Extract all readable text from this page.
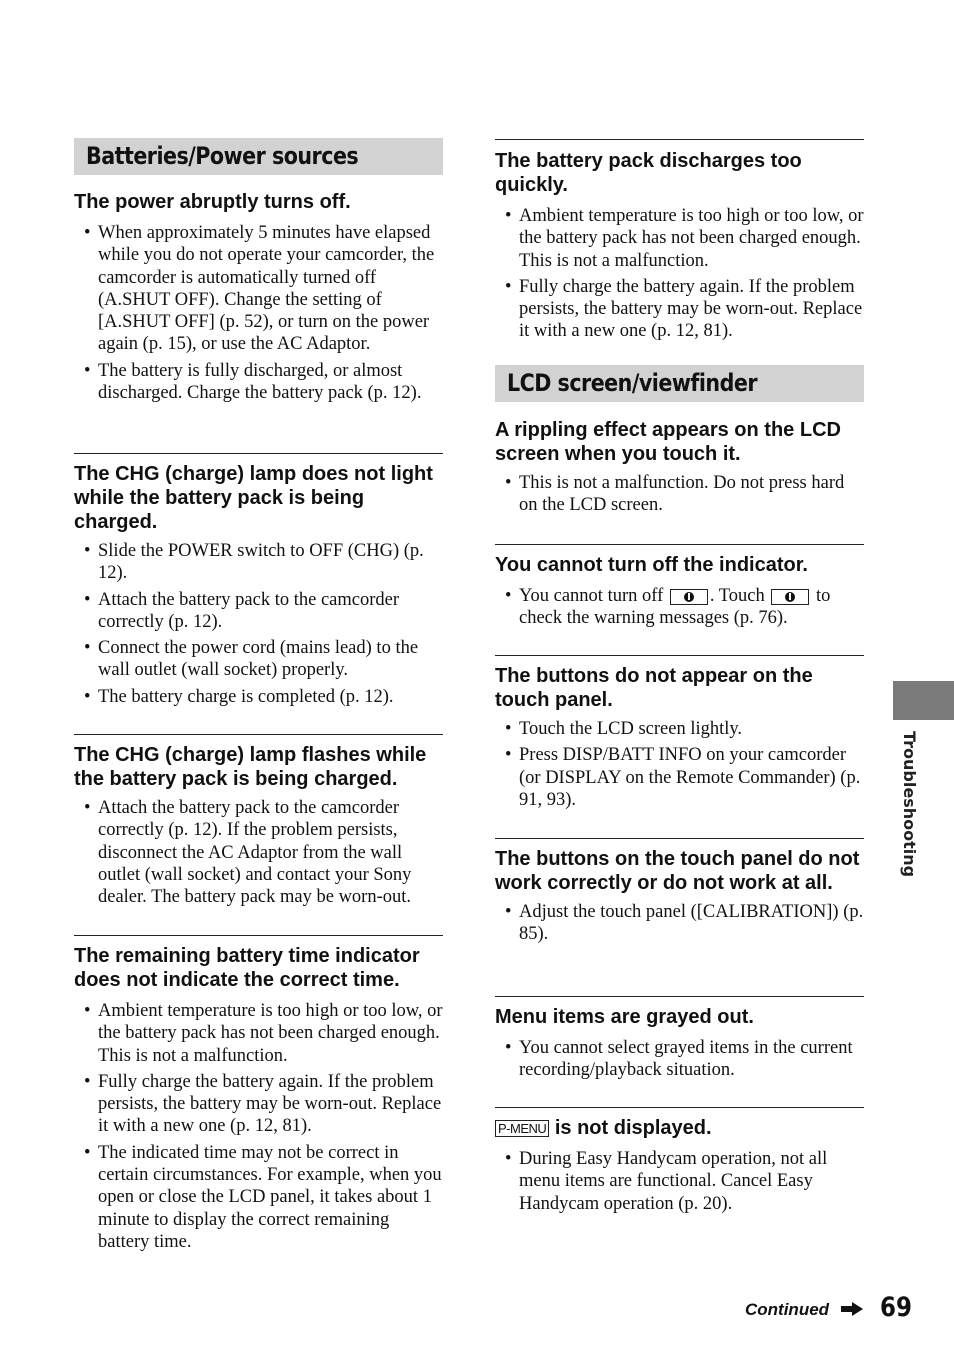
Batteries/Power sources

The power abruptly turns off.

• When approximately 5 minutes have elapsed while you do not operate your camcorder, the camcorder is automatically turned off (A.SHUT OFF). Change the setting of [A.SHUT OFF] (p. 52), or turn on the power again (p. 15), or use the AC Adaptor.
• The battery is fully discharged, or almost discharged. Charge the battery pack (p. 12).

The CHG (charge) lamp does not light while the battery pack is being charged.

• Slide the POWER switch to OFF (CHG) (p. 12).
• Attach the battery pack to the camcorder correctly (p. 12).
• Connect the power cord (mains lead) to the wall outlet (wall socket) properly.
• The battery charge is completed (p. 12).

The CHG (charge) lamp flashes while the battery pack is being charged.

• Attach the battery pack to the camcorder correctly (p. 12). If the problem persists, disconnect the AC Adaptor from the wall outlet (wall socket) and contact your Sony dealer. The battery pack may be worn-out.

The remaining battery time indicator does not indicate the correct time.

• Ambient temperature is too high or too low, or the battery pack has not been charged enough. This is not a malfunction.
• Fully charge the battery again. If the problem persists, the battery may be worn-out. Replace it with a new one (p. 12, 81).
• The indicated time may not be correct in certain circumstances. For example, when you open or close the LCD panel, it takes about 1 minute to display the correct remaining battery time.

The battery pack discharges too quickly.

• Ambient temperature is too high or too low, or the battery pack has not been charged enough. This is not a malfunction.
• Fully charge the battery again. If the problem persists, the battery may be worn-out. Replace it with a new one (p. 12, 81).
LCD screen/viewfinder

A rippling effect appears on the LCD screen when you touch it.

• This is not a malfunction. Do not press hard on the LCD screen.

You cannot turn off the indicator.

• You cannot turn off	. Touch	to check the warning messages (p. 76).

The buttons do not appear on the touch panel.

• Touch the LCD screen lightly.
• Press DISP/BATT INFO on your camcorder (or DISPLAY on the Remote Commander) (p. 91, 93).

The buttons on the touch panel do not work correctly or do not work at all.

• Adjust the touch panel ([CALIBRATION]) (p. 85).

Menu items are grayed out.

• You cannot select grayed items in the current recording/playback situation.

P-MENU is not displayed.

• During Easy Handycam operation, not all menu items are functional. Cancel Easy Handycam operation (p. 20).
Troubleshooting
Continued 69
